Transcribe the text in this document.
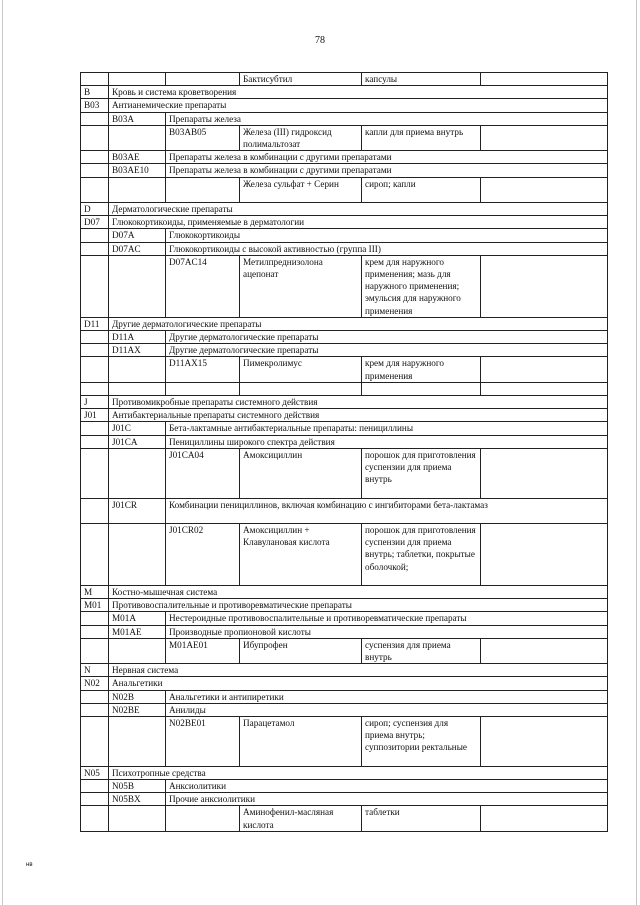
78
			Бактисубтил	капсулы	
B	Кровь и система кроветворения				
B03	Антианемические препараты				
	B03A	Препараты железа			
		B03AB05	Железа (III) гидроксид полимальтозат	капли для приема внутрь	
	B03AE	Препараты железа в комбинации с другими препаратами			
	B03AE10	Препараты железа в комбинации с другими препаратами			
			Железа сульфат + Серин	сироп; капли	
D	Дерматологические препараты				
D07	Глюкокортикоиды, применяемые в дерматологии				
	D07A	Глюкокортикоиды			
	D07AC	Глюкокортикоиды с высокой активностью (группа III)			
		D07AC14	Метилпреднизолона ацепонат	крем для наружного применения; мазь для наружного применения; эмульсия для наружного применения	
D11	Другие дерматологические препараты				
	D11A	Другие дерматологические препараты			
	D11AX	Другие дерматологические препараты			
		D11AX15	Пимекролимус	крем для наружного применения	

J	Противомикробные препараты системного действия				
J01	Антибактериальные препараты системного действия				
	J01C	Бета-лактамные антибактериальные препараты: пенициллины			
	J01CA	Пенициллины широкого спектра действия			
		J01CA04	Амоксициллин	порошок для приготовления суспензии для приема внутрь	
	J01CR	Комбинации пенициллинов, включая комбинацию с ингибиторами бета-лактамаз			
		J01CR02	Амоксициллин + Клавулановая кислота	порошок для приготовления суспензии для приема внутрь; таблетки, покрытые оболочкой;	
M	Костно-мышечная система				
M01	Противовоспалительные и противоревматические препараты				
	M01A	Нестероидные противовоспалительные и противоревматические препараты			
	M01AE	Производные пропионовой кислоты			
		M01AE01	Ибупрофен	суспензия для приема внутрь	
N	Нервная система				
N02	Анальгетики				
	N02B	Анальгетики и антипиретики			
	N02BE	Анилиды			
		N02BE01	Парацетамол	сироп; суспензия для приема внутрь; суппозитории ректальные	
N05	Психотропные средства				
	N05B	Анксиолитики			
	N05BX	Прочие анксиолитики			
			Аминофенил-масляная кислота	таблетки	
нв
